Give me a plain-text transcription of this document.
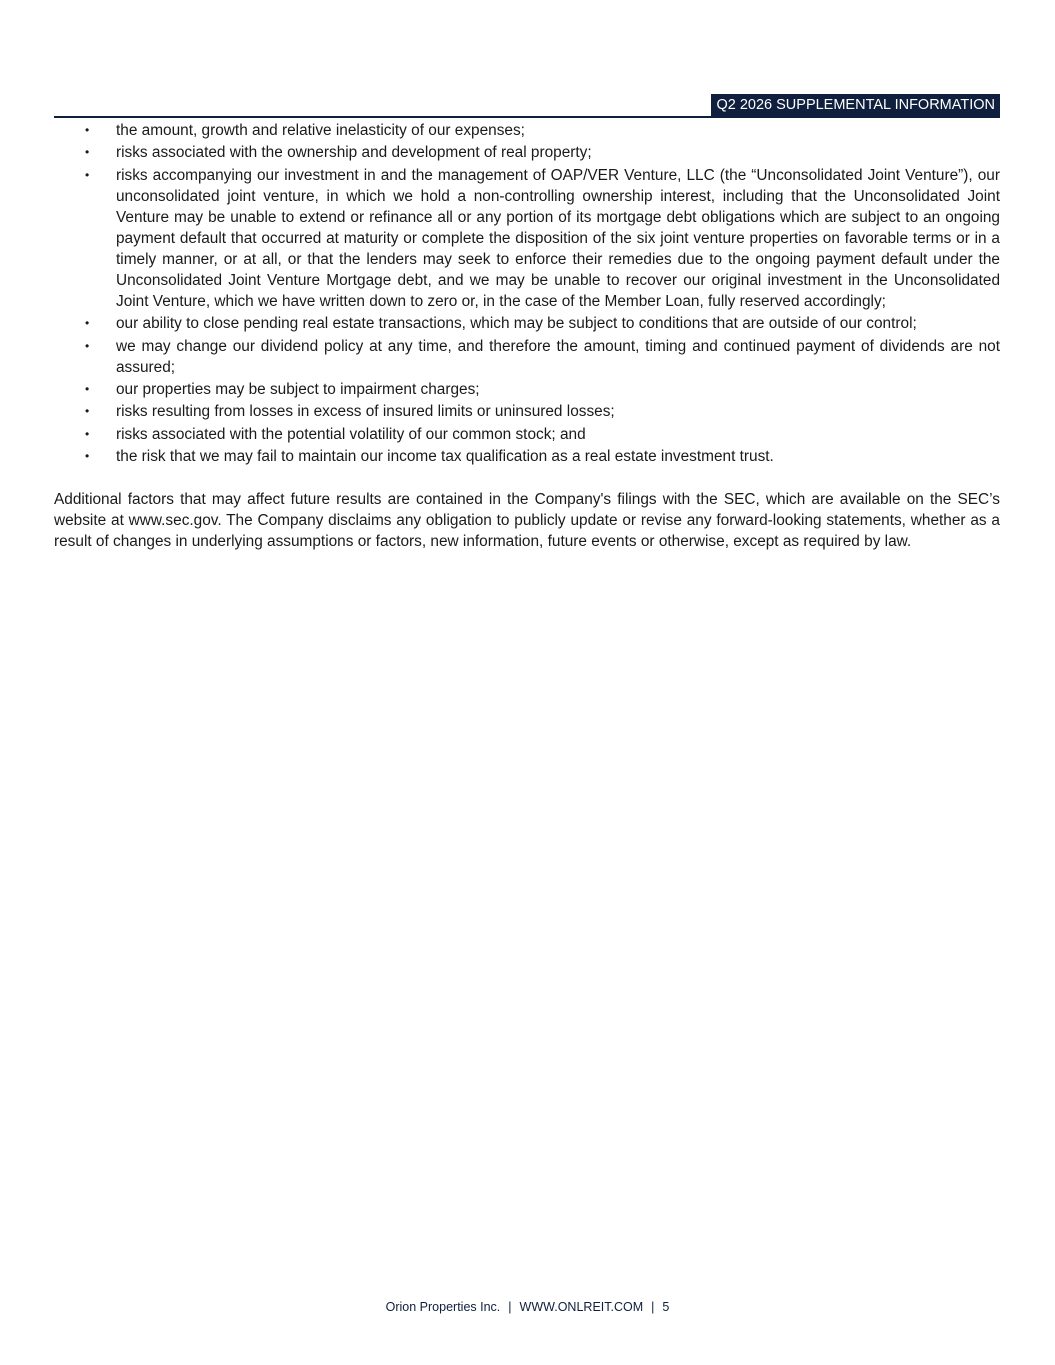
Q2 2026 SUPPLEMENTAL INFORMATION
• the amount, growth and relative inelasticity of our expenses;
• risks associated with the ownership and development of real property;
• risks accompanying our investment in and the management of OAP/VER Venture, LLC (the “Unconsolidated Joint Venture”), our unconsolidated joint venture, in which we hold a non-controlling ownership interest, including that the Unconsolidated Joint Venture may be unable to extend or refinance all or any portion of its mortgage debt obligations which are subject to an ongoing payment default that occurred at maturity or complete the disposition of the six joint venture properties on favorable terms or in a timely manner, or at all, or that the lenders may seek to enforce their remedies due to the ongoing payment default under the Unconsolidated Joint Venture Mortgage debt, and we may be unable to recover our original investment in the Unconsolidated Joint Venture, which we have written down to zero or, in the case of the Member Loan, fully reserved accordingly;
• our ability to close pending real estate transactions, which may be subject to conditions that are outside of our control;
• we may change our dividend policy at any time, and therefore the amount, timing and continued payment of dividends are not assured;
• our properties may be subject to impairment charges;
• risks resulting from losses in excess of insured limits or uninsured losses;
• risks associated with the potential volatility of our common stock; and
• the risk that we may fail to maintain our income tax qualification as a real estate investment trust.

Additional factors that may affect future results are contained in the Company's filings with the SEC, which are available on the SEC’s website at www.sec.gov. The Company disclaims any obligation to publicly update or revise any forward-looking statements, whether as a result of changes in underlying assumptions or factors, new information, future events or otherwise, except as required by law.

Orion Properties Inc. | WWW.ONLREIT.COM | 5
